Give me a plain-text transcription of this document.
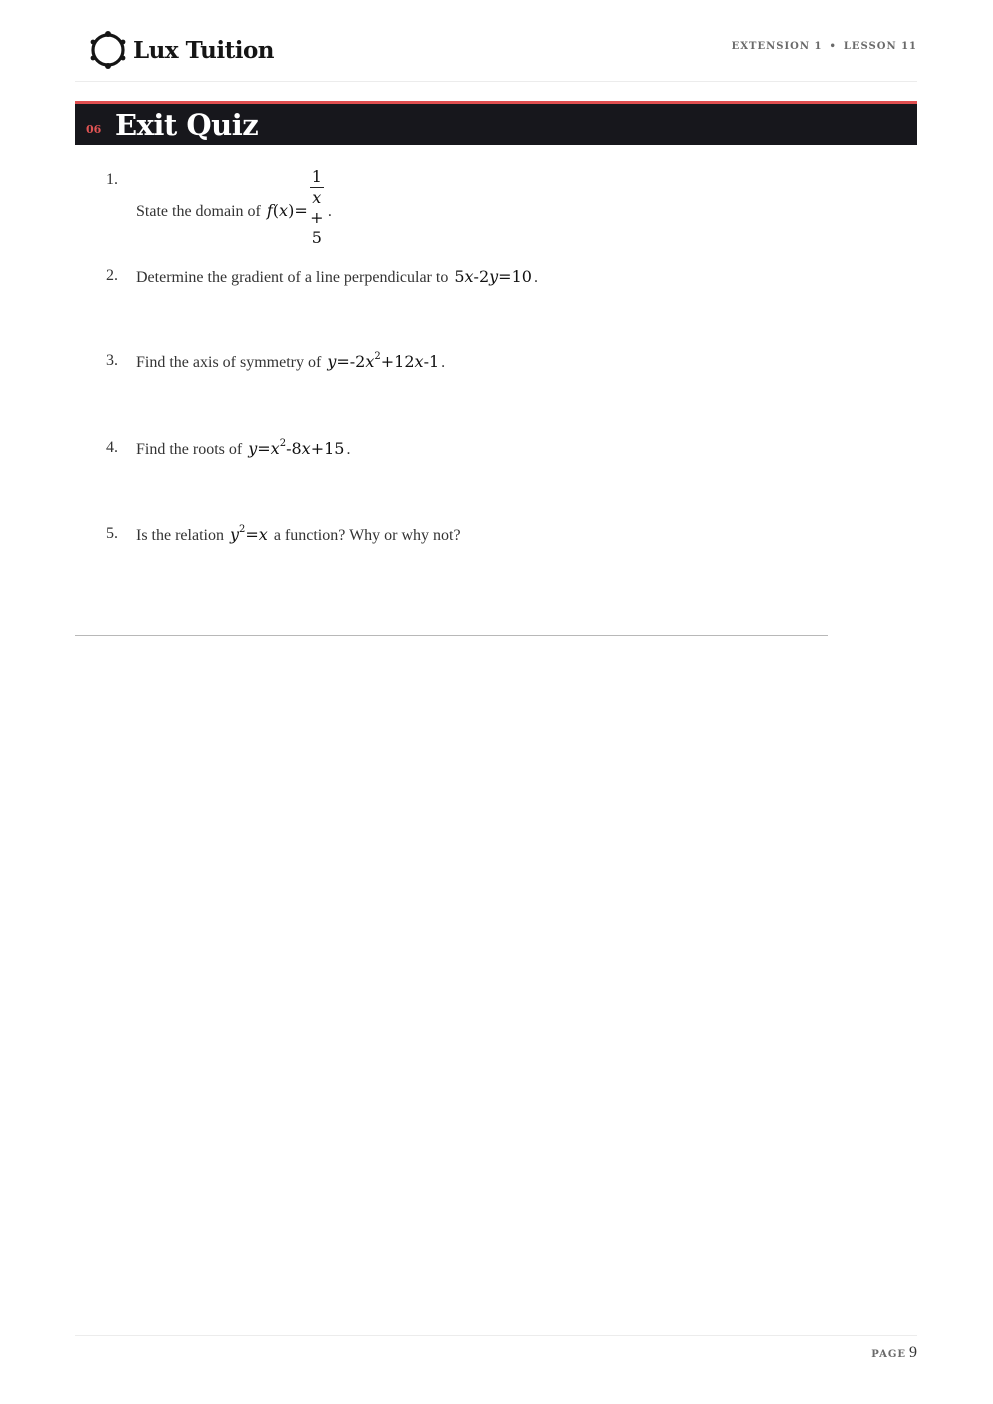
Lux Tuition	EXTENSION 1 • LESSON 11
06 Exit Quiz
1.
State the domain of f(x)= 1
x
+
5 .
2. Determine the gradient of a line perpendicular to 5x-2y=10 .
3. Find the axis of symmetry of $y=-2x^2+12x-1$ .
4. Find the roots of $y=x^2-8x+15$ .
5. Is the relation $y^2=x$ a function? Why or why not?
PAGE 9
